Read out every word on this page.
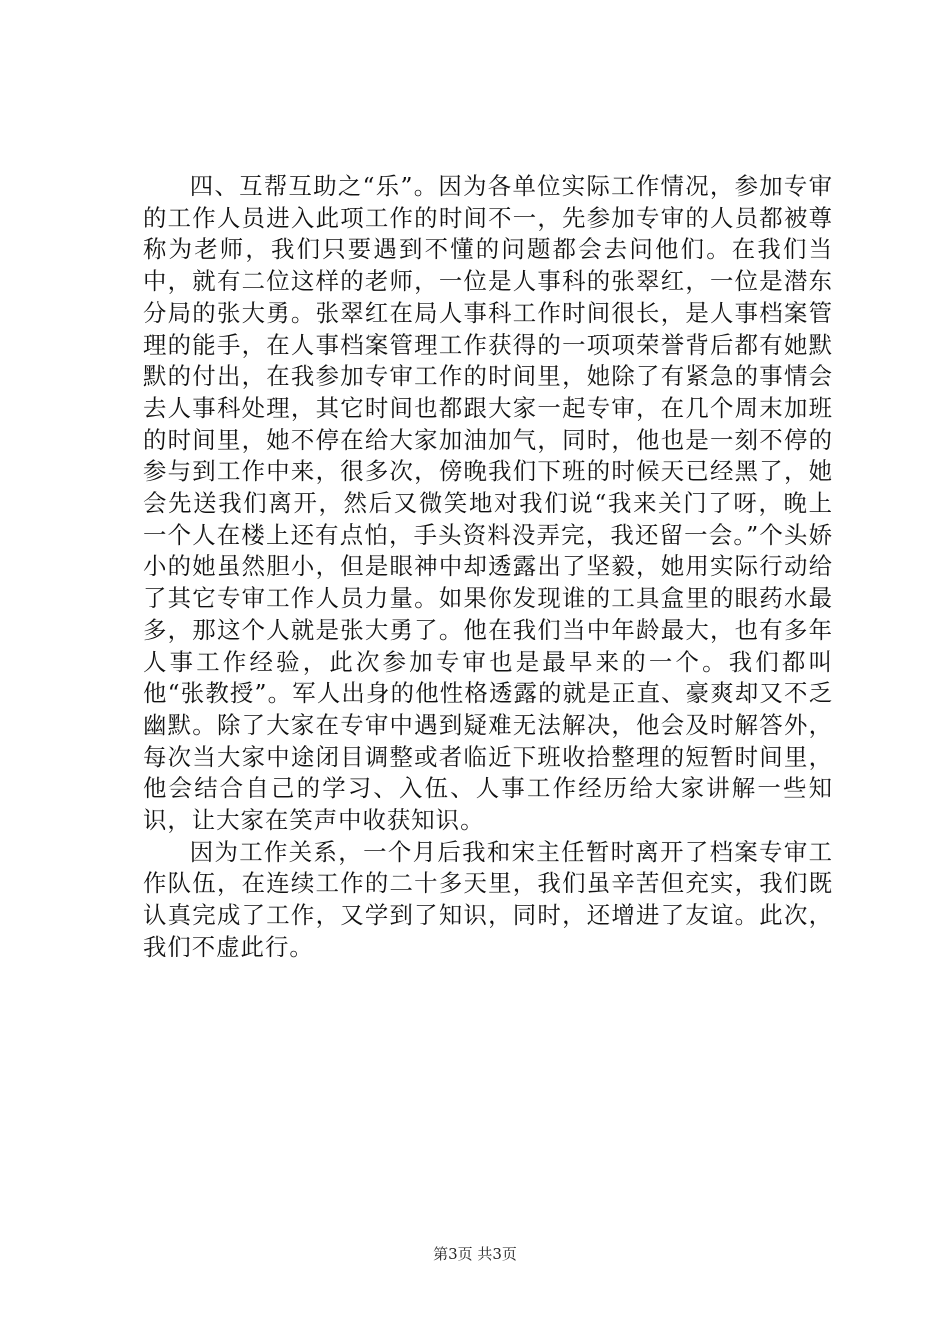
四、互帮互助之“乐”。因为各单位实际工作情况，参加专审的工作人员进入此项工作的时间不一，先参加专审的人员都被尊称为老师，我们只要遇到不懂的问题都会去问他们。在我们当中，就有二位这样的老师，一位是人事科的张翠红，一位是潜东分局的张大勇。张翠红在局人事科工作时间很长，是人事档案管理的能手，在人事档案管理工作获得的一项项荣誉背后都有她默默的付出，在我参加专审工作的时间里，她除了有紧急的事情会去人事科处理，其它时间也都跟大家一起专审，在几个周末加班的时间里，她不停在给大家加油加气，同时，他也是一刻不停的参与到工作中来，很多次，傍晚我们下班的时候天已经黑了，她会先送我们离开，然后又微笑地对我们说“我来关门了呀，晚上一个人在楼上还有点怕，手头资料没弄完，我还留一会。”个头娇小的她虽然胆小，但是眼神中却透露出了坚毅，她用实际行动给了其它专审工作人员力量。如果你发现谁的工具盒里的眼药水最多，那这个人就是张大勇了。他在我们当中年龄最大，也有多年人事工作经验，此次参加专审也是最早来的一个。我们都叫他“张教授”。军人出身的他性格透露的就是正直、豪爽却又不乏幽默。除了大家在专审中遇到疑难无法解决，他会及时解答外，每次当大家中途闭目调整或者临近下班收拾整理的短暂时间里，他会结合自己的学习、入伍、人事工作经历给大家讲解一些知识，让大家在笑声中收获知识。

因为工作关系，一个月后我和宋主任暂时离开了档案专审工作队伍，在连续工作的二十多天里，我们虽辛苦但充实，我们既认真完成了工作，又学到了知识，同时，还增进了友谊。此次，我们不虚此行。

第3页 共3页
